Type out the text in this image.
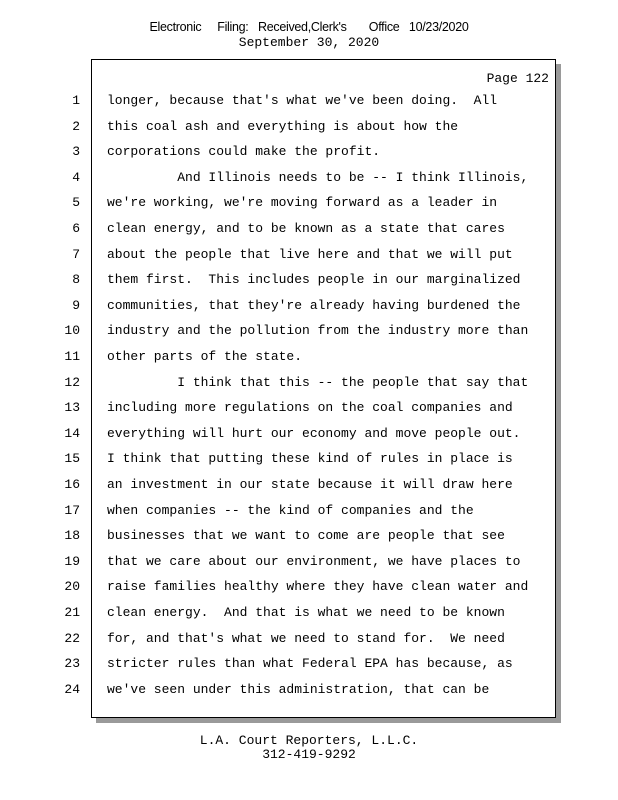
Electronic     Filing:   Received,Clerk's       Office   10/23/2020
September 30, 2020
Page 122
1 longer, because that's what we've been doing.  All
2 this coal ash and everything is about how the
3 corporations could make the profit.
4 And Illinois needs to be -- I think Illinois,
5 we're working, we're moving forward as a leader in
6 clean energy, and to be known as a state that cares
7 about the people that live here and that we will put
8 them first.  This includes people in our marginalized
9 communities, that they're already having burdened the
10 industry and the pollution from the industry more than
11 other parts of the state.
12 I think that this -- the people that say that
13 including more regulations on the coal companies and
14 everything will hurt our economy and move people out.
15 I think that putting these kind of rules in place is
16 an investment in our state because it will draw here
17 when companies -- the kind of companies and the
18 businesses that we want to come are people that see
19 that we care about our environment, we have places to
20 raise families healthy where they have clean water and
21 clean energy.  And that is what we need to be known
22 for, and that's what we need to stand for.  We need
23 stricter rules than what Federal EPA has because, as
24 we've seen under this administration, that can be
L.A. Court Reporters, L.L.C.
312-419-9292
